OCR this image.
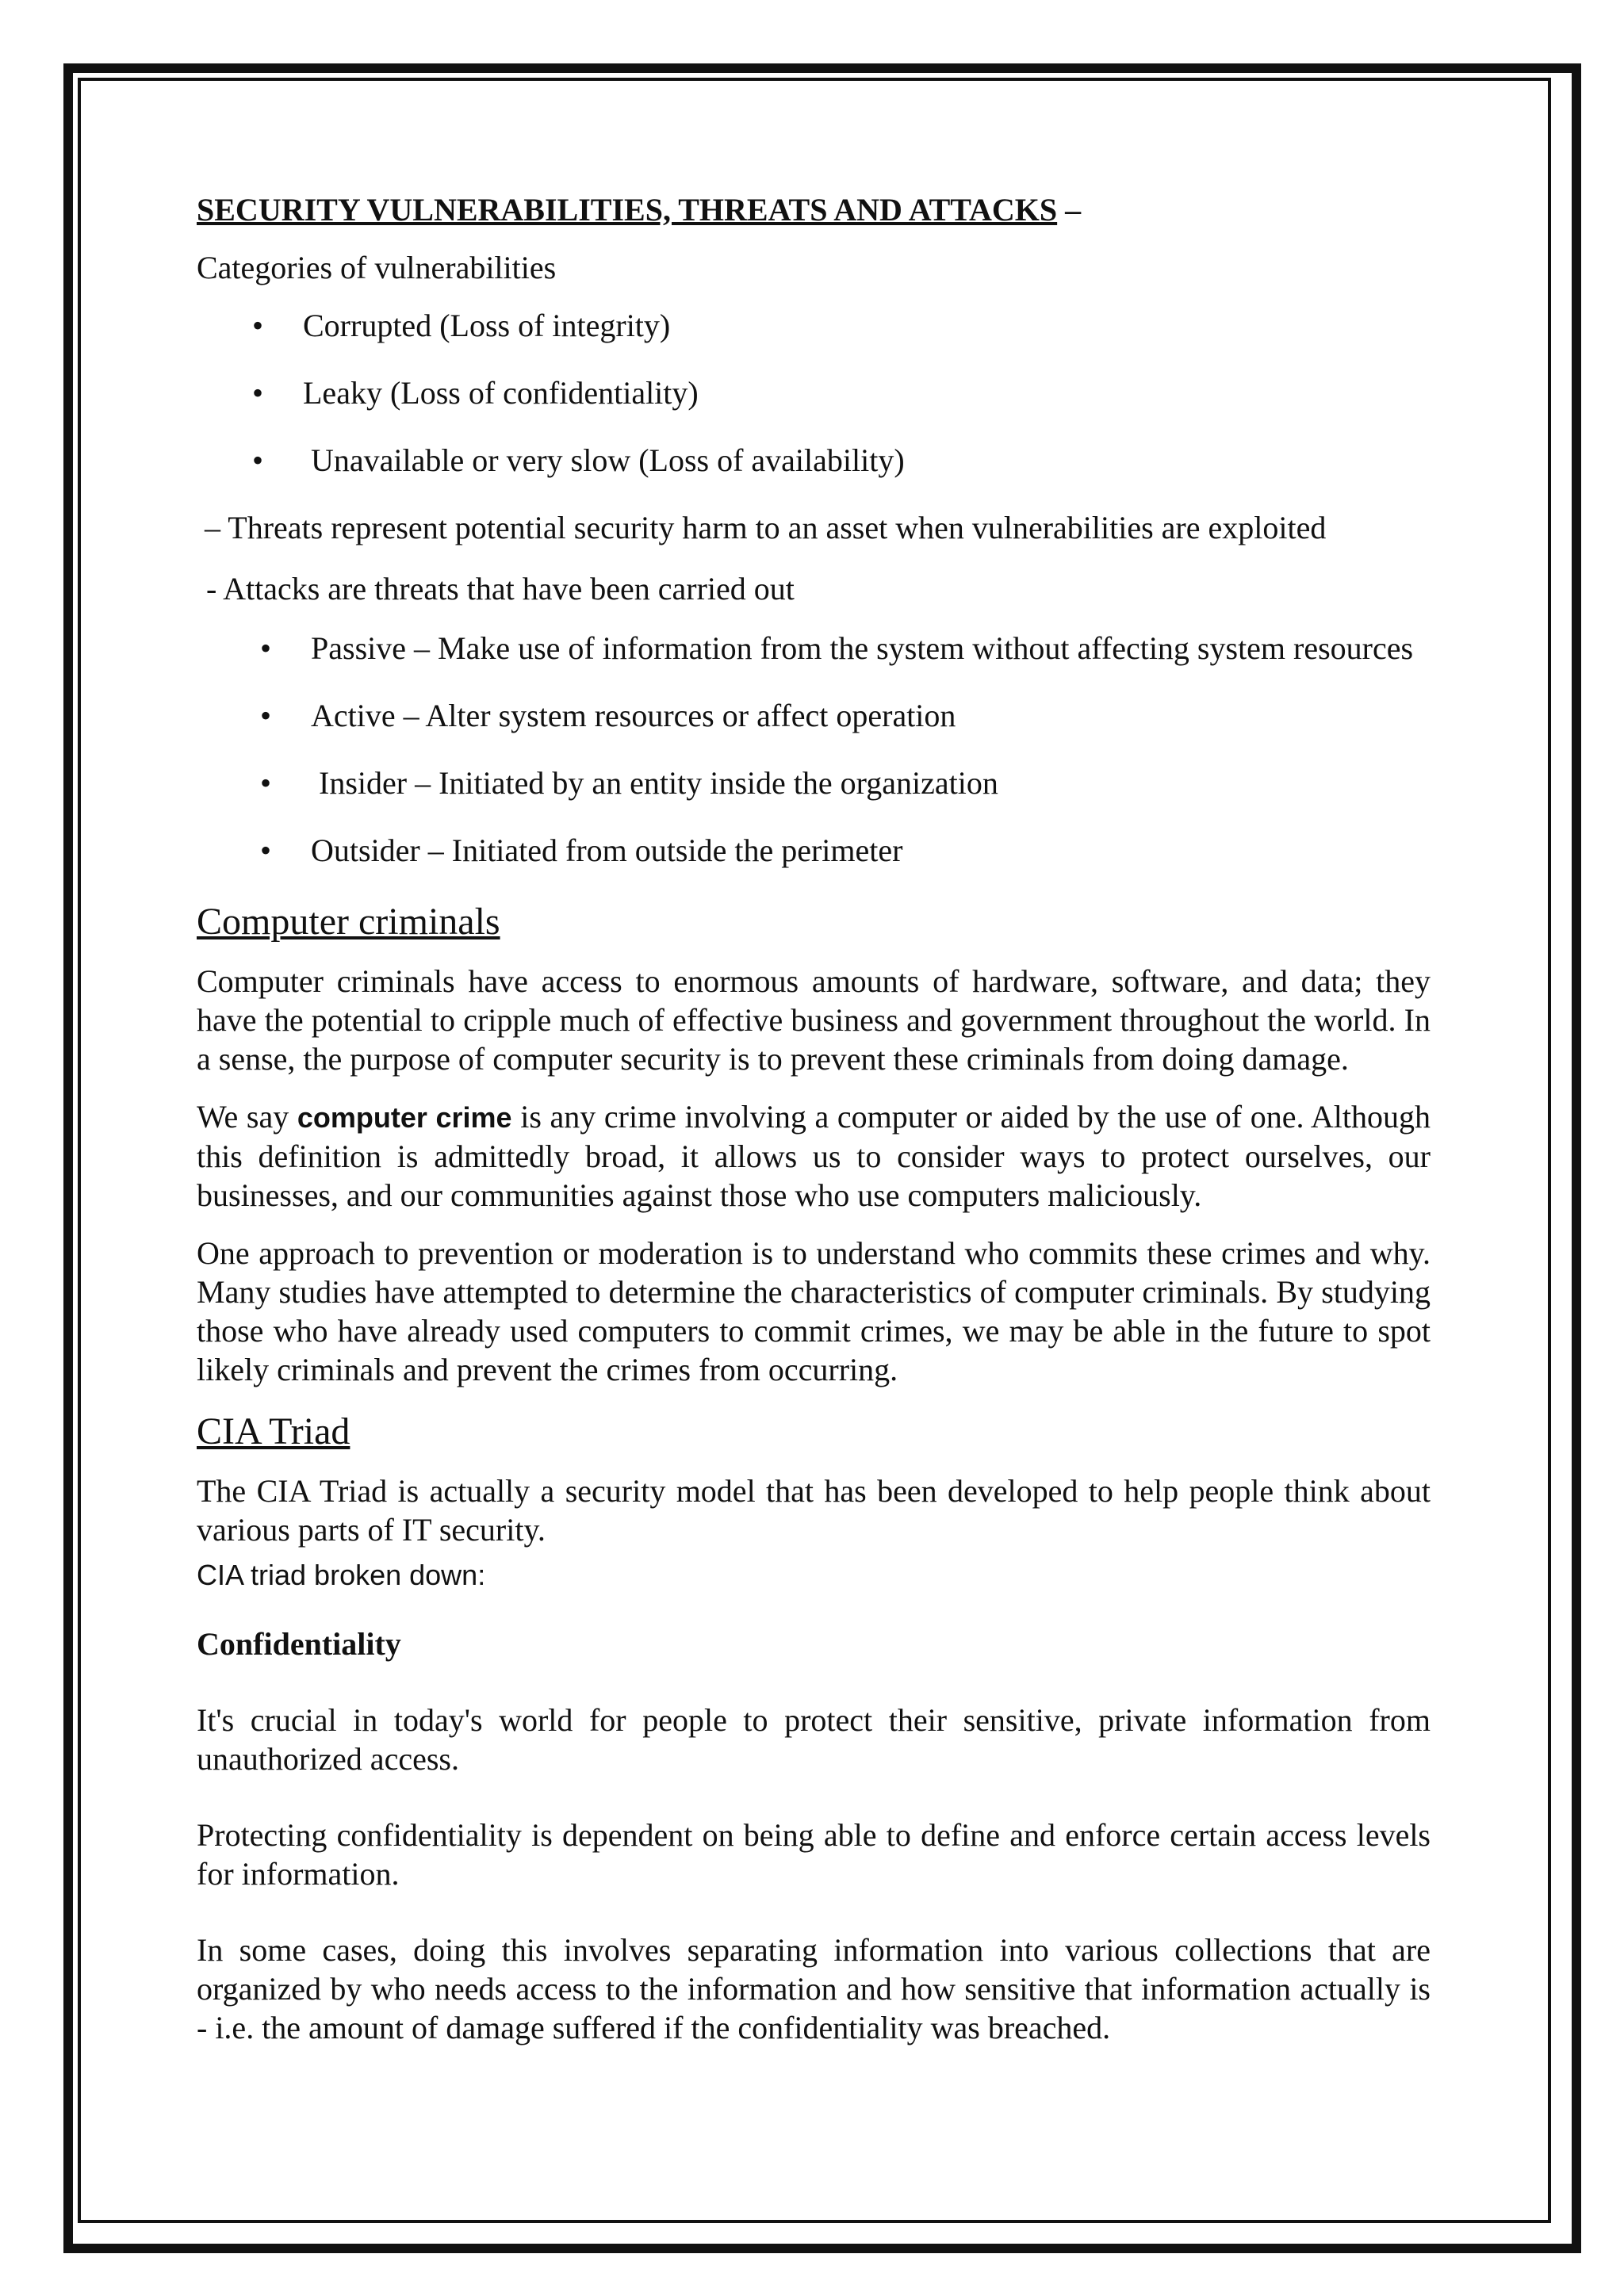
SECURITY VULNERABILITIES, THREATS AND ATTACKS –

Categories of vulnerabilities

• Corrupted (Loss of integrity)
• Leaky (Loss of confidentiality)
• Unavailable or very slow (Loss of availability)

– Threats represent potential security harm to an asset when vulnerabilities are exploited

- Attacks are threats that have been carried out

• Passive – Make use of information from the system without affecting system resources
• Active – Alter system resources or affect operation
• Insider – Initiated by an entity inside the organization
• Outsider – Initiated from outside the perimeter
Computer criminals

Computer criminals have access to enormous amounts of hardware, software, and data; they have the potential to cripple much of effective business and government throughout the world. In a sense, the purpose of computer security is to prevent these criminals from doing damage.

We say computer crime is any crime involving a computer or aided by the use of one. Although this definition is admittedly broad, it allows us to consider ways to protect ourselves, our businesses, and our communities against those who use computers maliciously.

One approach to prevention or moderation is to understand who commits these crimes and why. Many studies have attempted to determine the characteristics of computer criminals. By studying those who have already used computers to commit crimes, we may be able in the future to spot likely criminals and prevent the crimes from occurring.

CIA Triad

The CIA Triad is actually a security model that has been developed to help people think about various parts of IT security.

CIA triad broken down:

Confidentiality

It's crucial in today's world for people to protect their sensitive, private information from unauthorized access.

Protecting confidentiality is dependent on being able to define and enforce certain access levels for information.

In some cases, doing this involves separating information into various collections that are organized by who needs access to the information and how sensitive that information actually is - i.e. the amount of damage suffered if the confidentiality was breached.
